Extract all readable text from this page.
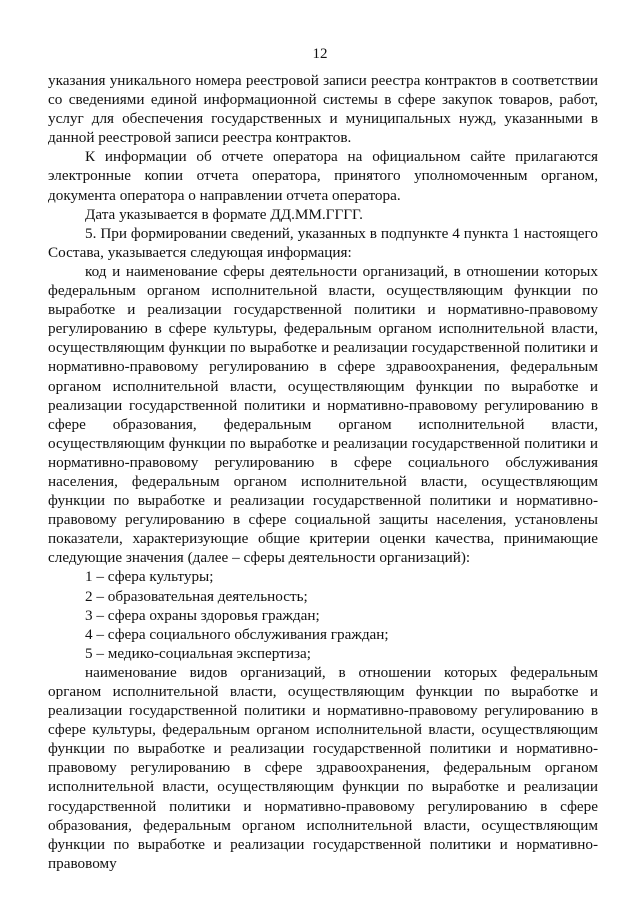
12

указания уникального номера реестровой записи реестра контрактов в соответствии со сведениями единой информационной системы в сфере закупок товаров, работ, услуг для обеспечения государственных и муниципальных нужд, указанными в данной реестровой записи реестра контрактов.

К информации об отчете оператора на официальном сайте прилагаются электронные копии отчета оператора, принятого уполномоченным органом, документа оператора о направлении отчета оператора.

Дата указывается в формате ДД.ММ.ГГГГ.

5. При формировании сведений, указанных в подпункте 4 пункта 1 настоящего Состава, указывается следующая информация:

код и наименование сферы деятельности организаций, в отношении которых федеральным органом исполнительной власти, осуществляющим функции по выработке и реализации государственной политики и нормативно-правовому регулированию в сфере культуры, федеральным органом исполнительной власти, осуществляющим функции по выработке и реализации государственной политики и нормативно-правовому регулированию в сфере здравоохранения, федеральным органом исполнительной власти, осуществляющим функции по выработке и реализации государственной политики и нормативно-правовому регулированию в сфере образования, федеральным органом исполнительной власти, осуществляющим функции по выработке и реализации государственной политики и нормативно-правовому регулированию в сфере социального обслуживания населения, федеральным органом исполнительной власти, осуществляющим функции по выработке и реализации государственной политики и нормативно-правовому регулированию в сфере социальной защиты населения, установлены показатели, характеризующие общие критерии оценки качества, принимающие следующие значения (далее – сферы деятельности организаций):

1 – сфера культуры;

2 – образовательная деятельность;

3 – сфера охраны здоровья граждан;

4 – сфера социального обслуживания граждан;

5 – медико-социальная экспертиза;

наименование видов организаций, в отношении которых федеральным органом исполнительной власти, осуществляющим функции по выработке и реализации государственной политики и нормативно-правовому регулированию в сфере культуры, федеральным органом исполнительной власти, осуществляющим функции по выработке и реализации государственной политики и нормативно-правовому регулированию в сфере здравоохранения, федеральным органом исполнительной власти, осуществляющим функции по выработке и реализации государственной политики и нормативно-правовому регулированию в сфере образования, федеральным органом исполнительной власти, осуществляющим функции по выработке и реализации государственной политики и нормативно-правовому
